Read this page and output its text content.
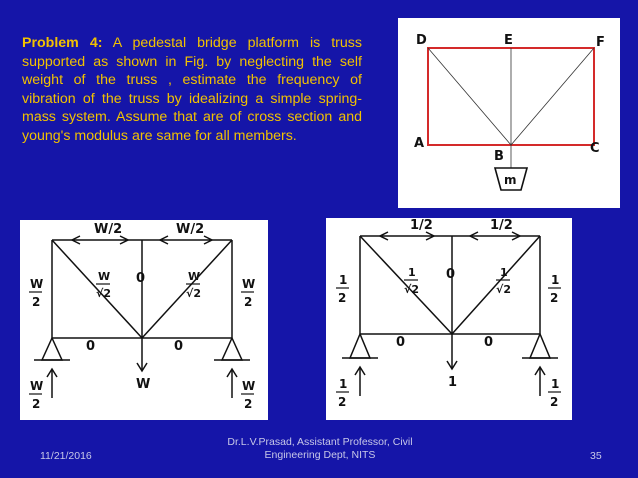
Problem 4: A pedestal bridge platform is truss supported as shown in Fig. by neglecting the self weight of the truss , estimate the frequency of vibration of the truss by idealizing a simple spring-mass system. Assume that are of cross section and young's modulus are same for all members.
D	E	F
A
B
C
m
W/2	W/2
W
2
W
2
W
√2
W
√2
0
0	0
W
W
2
W
2
1/2	1/2
1
2
1
2
1
√2
1
√2
0
0	0
1
1
2
1
2
11/21/2016
Dr.L.V.Prasad, Assistant Professor, Civil
Engineering Dept, NITS	35
